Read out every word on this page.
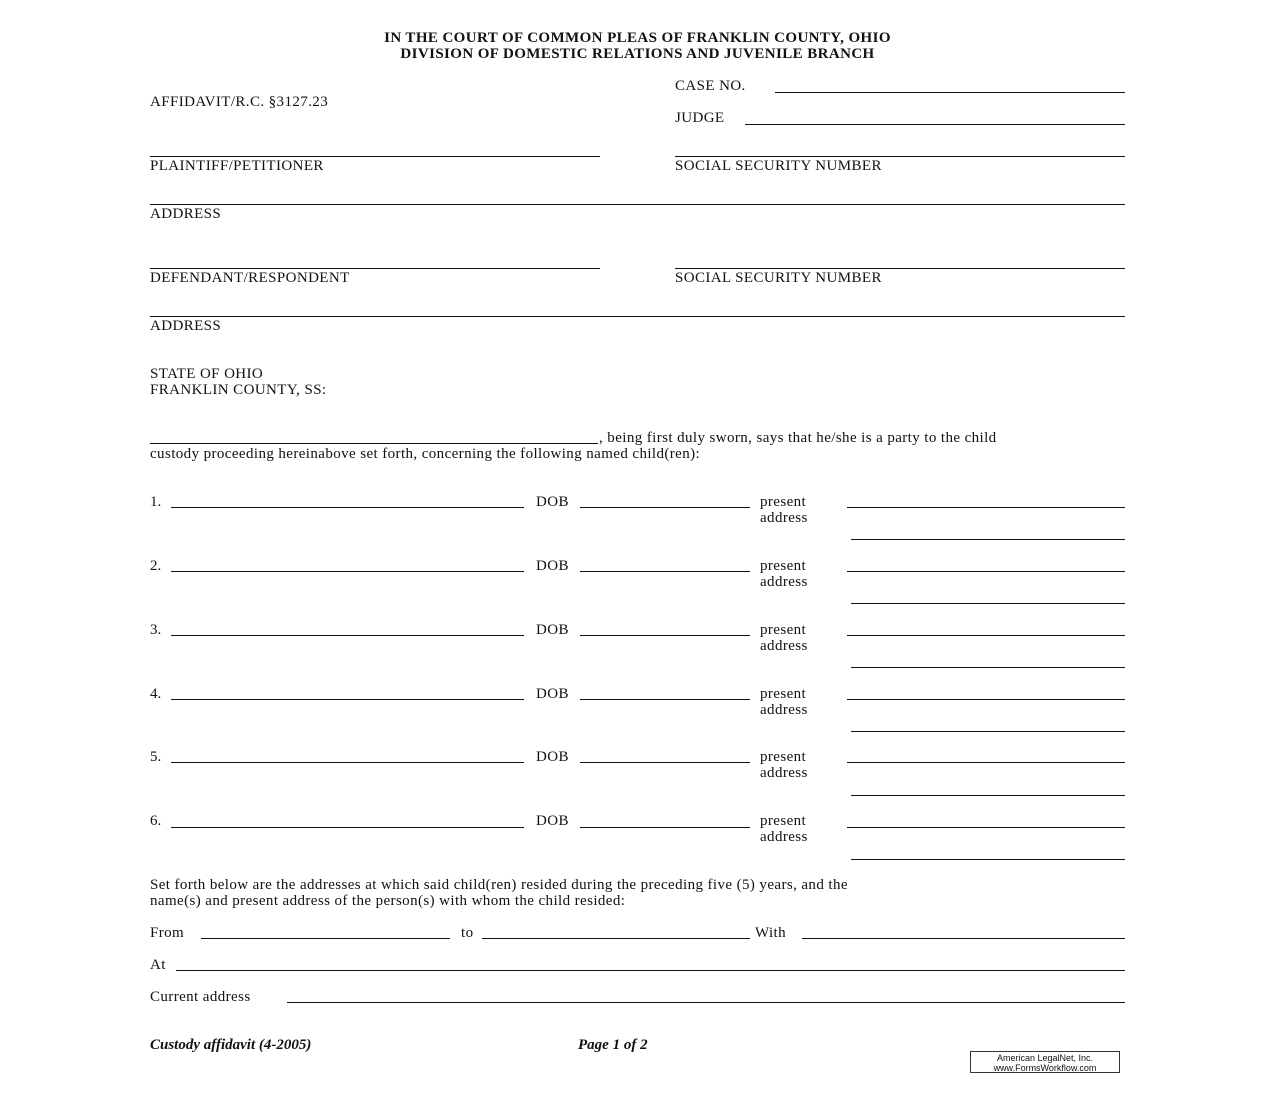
IN THE COURT OF COMMON PLEAS OF FRANKLIN COUNTY, OHIO
DIVISION OF DOMESTIC RELATIONS AND JUVENILE BRANCH
AFFIDAVIT/R.C. §3127.23
CASE NO.
JUDGE
PLAINTIFF/PETITIONER	SOCIAL SECURITY NUMBER
ADDRESS
DEFENDANT/RESPONDENT	SOCIAL SECURITY NUMBER
ADDRESS
STATE OF OHIO
FRANKLIN COUNTY, SS:
, being first duly sworn, says that he/she is a party to the child
custody proceeding hereinabove set forth, concerning the following named child(ren):
1.	DOB	present
address
2.	DOB	present
address
3.	DOB	present
address
4.	DOB	present
address
5.	DOB	present
address
6.	DOB	present
address
Set forth below are the addresses at which said child(ren) resided during the preceding five (5) years, and the
name(s) and present address of the person(s) with whom the child resided:
From	to	With
At
Current address
Custody affidavit (4-2005)	Page 1 of 2
American LegalNet, Inc.
www.FormsWorkflow.com
